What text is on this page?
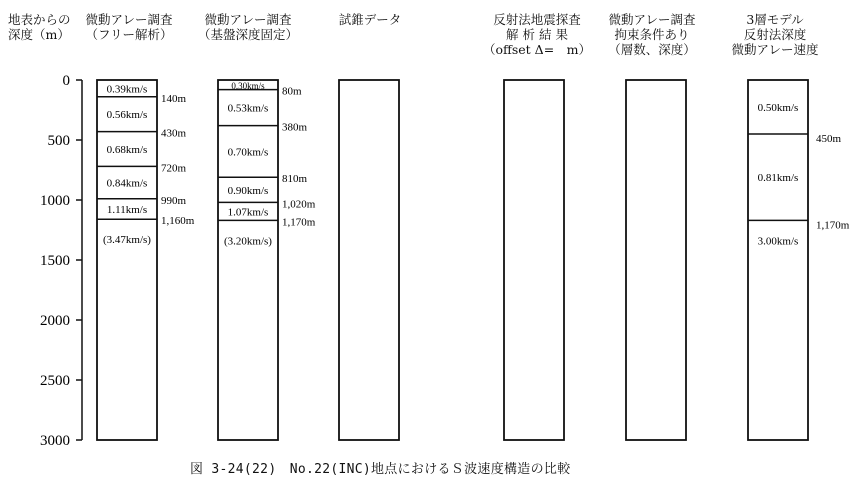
地表からの
深度（m）
微動アレー調査
（フリー解析）
微動アレー調査
（基盤深度固定）
試錐データ	反射法地震探査
解 析 結 果
（offset Δ=　m）
微動アレー調査
拘束条件あり
（層数、深度）
3層モデル
反射法深度
微動アレー速度
0
500
1000
1500
2000
2500
3000
140m
430m
720m
990m
1,160m
0.39km/s
0.56km/s
0.68km/s
0.84km/s
1.11km/s
(3.47km/s)
80m
380m
810m
1,020m
1,170m
0.30km/s
0.53km/s
0.70km/s
0.90km/s
1.07km/s
(3.20km/s)
450m
1,170m
0.50km/s
0.81km/s
3.00km/s
図 3-24(22)　No.22(INC)地点におけるＳ波速度構造の比較
